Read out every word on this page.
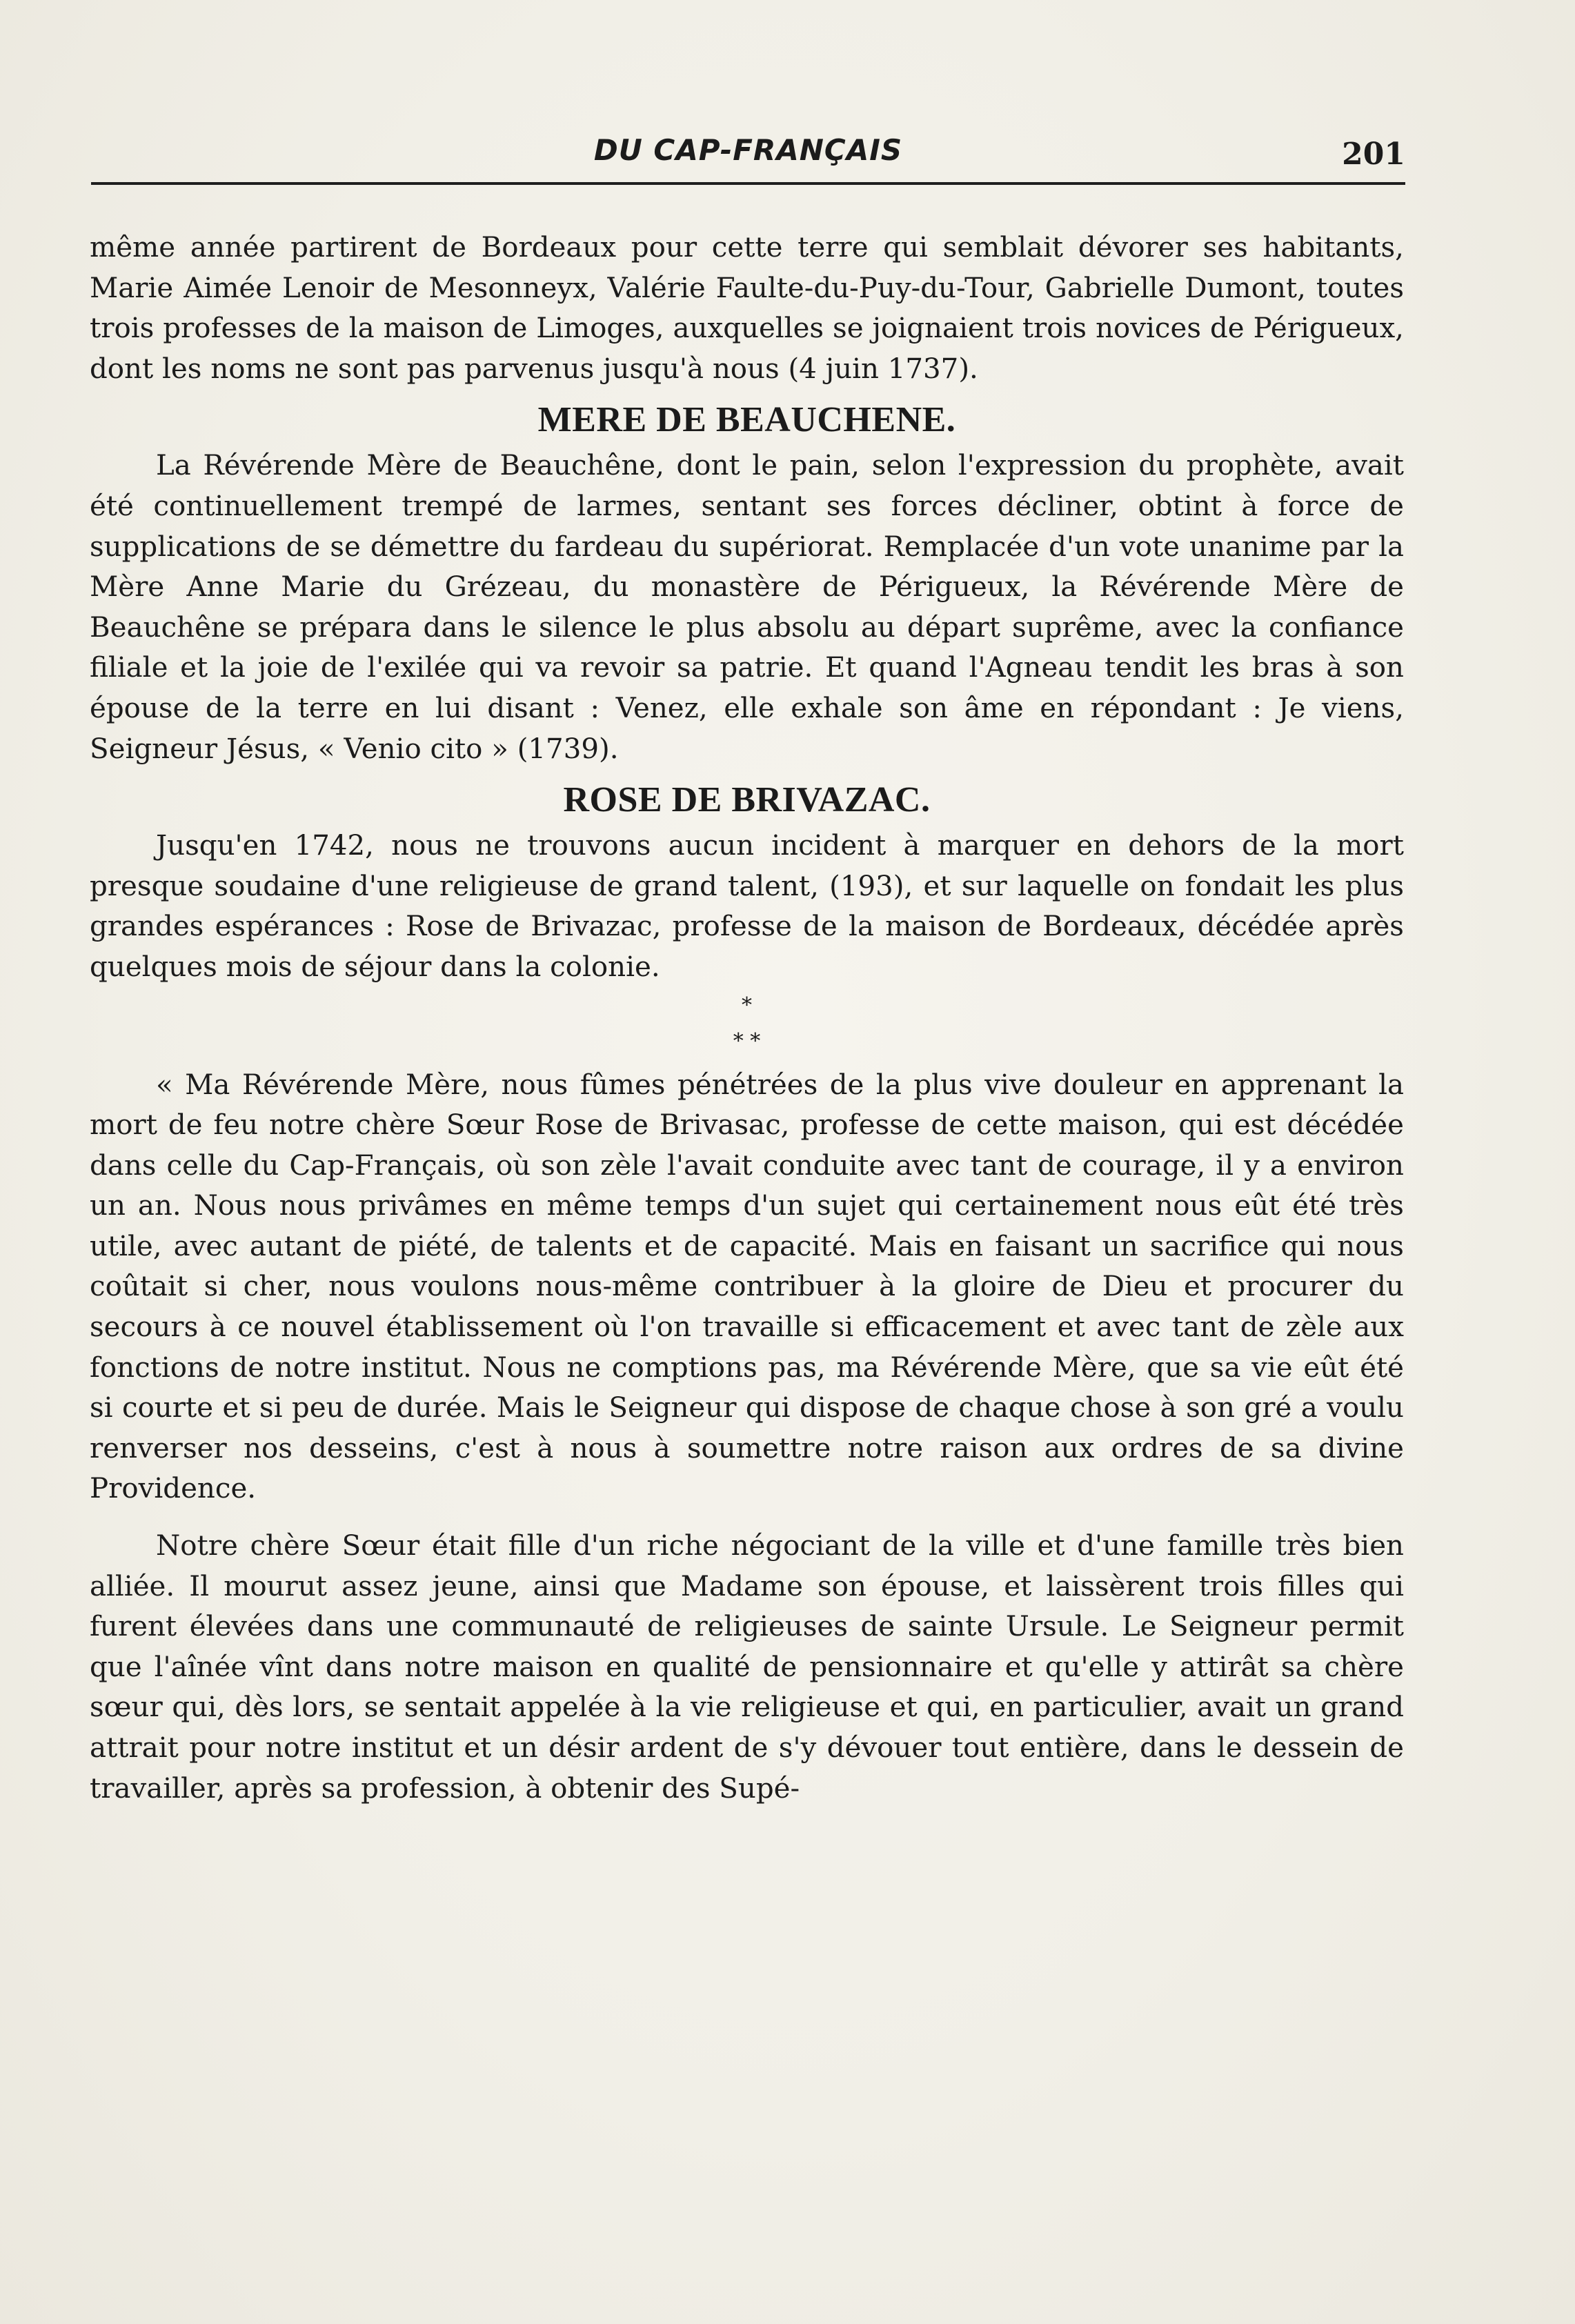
DU CAP-FRANÇAIS	201

même année partirent de Bordeaux pour cette terre qui semblait dévorer ses habitants, Marie Aimée Lenoir de Mesonneyx, Valérie Faulte-du-Puy-du-Tour, Gabrielle Dumont, toutes trois professes de la maison de Limoges, auxquelles se joignaient trois novices de Périgueux, dont les noms ne sont pas parvenus jusqu'à nous (4 juin 1737).

MERE DE BEAUCHENE.

La Révérende Mère de Beauchêne, dont le pain, selon l'expression du prophète, avait été continuellement trempé de larmes, sentant ses forces décliner, obtint à force de supplications de se démettre du fardeau du supériorat. Remplacée d'un vote unanime par la Mère Anne Marie du Grézeau, du monastère de Périgueux, la Révérende Mère de Beauchêne se prépara dans le silence le plus absolu au départ suprême, avec la confiance filiale et la joie de l'exilée qui va revoir sa patrie. Et quand l'Agneau tendit les bras à son épouse de la terre en lui disant : Venez, elle exhale son âme en répondant : Je viens, Seigneur Jésus, « Venio cito » (1739).

ROSE DE BRIVAZAC.

Jusqu'en 1742, nous ne trouvons aucun incident à marquer en dehors de la mort presque soudaine d'une religieuse de grand talent, (193), et sur laquelle on fondait les plus grandes espérances : Rose de Brivazac, professe de la maison de Bordeaux, décédée après quelques mois de séjour dans la colonie.

*
* *

« Ma Révérende Mère, nous fûmes pénétrées de la plus vive douleur en apprenant la mort de feu notre chère Sœur Rose de Brivasac, professe de cette maison, qui est décédée dans celle du Cap-Français, où son zèle l'avait conduite avec tant de courage, il y a environ un an. Nous nous privâmes en même temps d'un sujet qui certainement nous eût été très utile, avec autant de piété, de talents et de capacité. Mais en faisant un sacrifice qui nous coûtait si cher, nous voulons nous-même contribuer à la gloire de Dieu et procurer du secours à ce nouvel établissement où l'on travaille si efficacement et avec tant de zèle aux fonctions de notre institut. Nous ne comptions pas, ma Révérende Mère, que sa vie eût été si courte et si peu de durée. Mais le Seigneur qui dispose de chaque chose à son gré a voulu renverser nos desseins, c'est à nous à soumettre notre raison aux ordres de sa divine Providence.

Notre chère Sœur était fille d'un riche négociant de la ville et d'une famille très bien alliée. Il mourut assez jeune, ainsi que Madame son épouse, et laissèrent trois filles qui furent élevées dans une communauté de religieuses de sainte Ursule. Le Seigneur permit que l'aînée vînt dans notre maison en qualité de pensionnaire et qu'elle y attirât sa chère sœur qui, dès lors, se sentait appelée à la vie religieuse et qui, en particulier, avait un grand attrait pour notre institut et un désir ardent de s'y dévouer tout entière, dans le dessein de travailler, après sa profession, à obtenir des Supé-
